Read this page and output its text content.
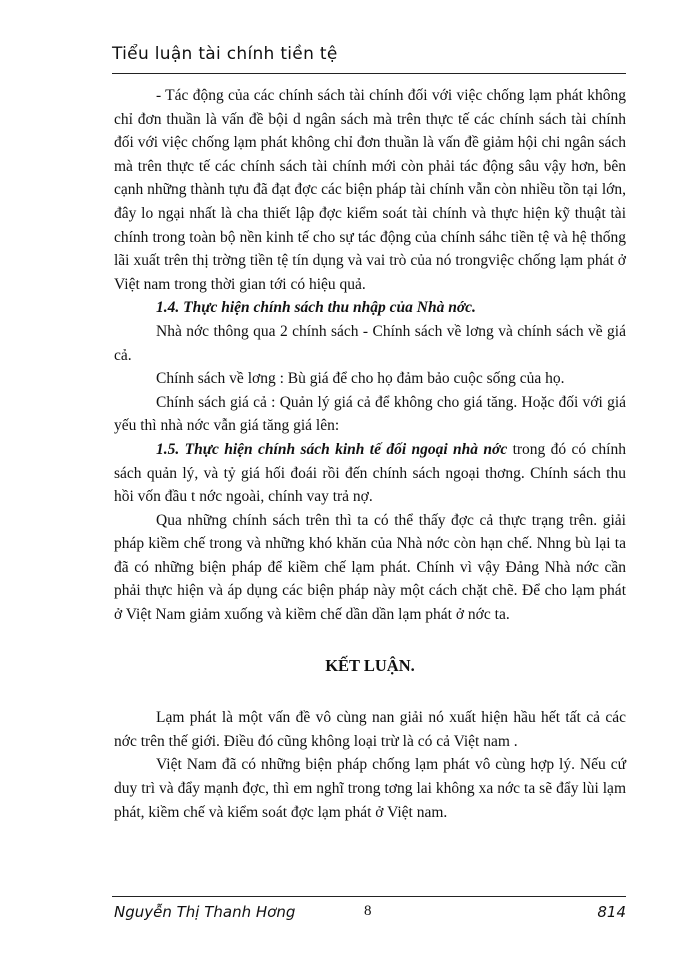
Tiểu luận tài chính tiền tệ

- Tác động của các chính sách tài chính đối với việc chống lạm phát không chỉ đơn thuần là vấn đề bội d ngân sách mà trên thực tế các chính sách tài chính đối với việc chống lạm phát không chỉ đơn thuần là vấn đề giảm hội chi ngân sách mà trên thực tế các chính sách tài chính mới còn phải tác động sâu vậy hơn, bên cạnh những thành tựu đã đạt đợc các biện pháp tài chính vẫn còn nhiều tồn tại lớn, đây lo ngại nhất là cha thiết lập đợc kiểm soát tài chính và thực hiện kỹ thuật tài chính trong toàn bộ nền kinh tế cho sự tác động của chính sáhc tiền tệ và hệ thống lãi xuất trên thị trờng tiền tệ tín dụng và vai trò của nó trongviệc chống lạm phát ở Việt nam trong thời gian tới có hiệu quả.

1.4. Thực hiện chính sách thu nhập của Nhà nớc.

Nhà nớc thông qua 2 chính sách - Chính sách về lơng và chính sách về giá cả.

Chính sách về lơng : Bù giá để cho họ đảm bảo cuộc sống của họ.

Chính sách giá cả : Quản lý giá cả để không cho giá tăng. Hoặc đối với giá yếu thì nhà nớc vẫn giá tăng giá lên:

1.5. Thực hiện chính sách kinh tế đối ngoại nhà nớc trong đó có chính sách quản lý, và tỷ giá hối đoái rồi đến chính sách ngoại thơng. Chính sách thu hồi vốn đầu t nớc ngoài, chính vay trả nợ.

Qua những chính sách trên thì ta có thể thấy đợc cả thực trạng trên. giải pháp kiềm chế trong và những khó khăn của Nhà nớc còn hạn chế. Nhng bù lại ta đã có những biện pháp để kiềm chế lạm phát. Chính vì vậy Đảng Nhà nớc cần phải thực hiện và áp dụng các biện pháp này một cách chặt chẽ. Để cho lạm phát ở Việt Nam giảm xuống và kiềm chế dần dần lạm phát ở nớc ta.

KẾT LUẬN.

Lạm phát là một vấn đề vô cùng nan giải nó xuất hiện hầu hết tất cả các nớc trên thế giới. Điều đó cũng không loại trừ là có cả Việt nam .

Việt Nam đã có những biện pháp chống lạm phát vô cùng hợp lý. Nếu cứ duy trì và đẩy mạnh đợc, thì em nghĩ trong tơng lai không xa nớc ta sẽ đẩy lùi lạm phát, kiềm chế và kiểm soát đợc lạm phát ở Việt nam.

Nguyễn Thị Thanh Hơng	8	814
